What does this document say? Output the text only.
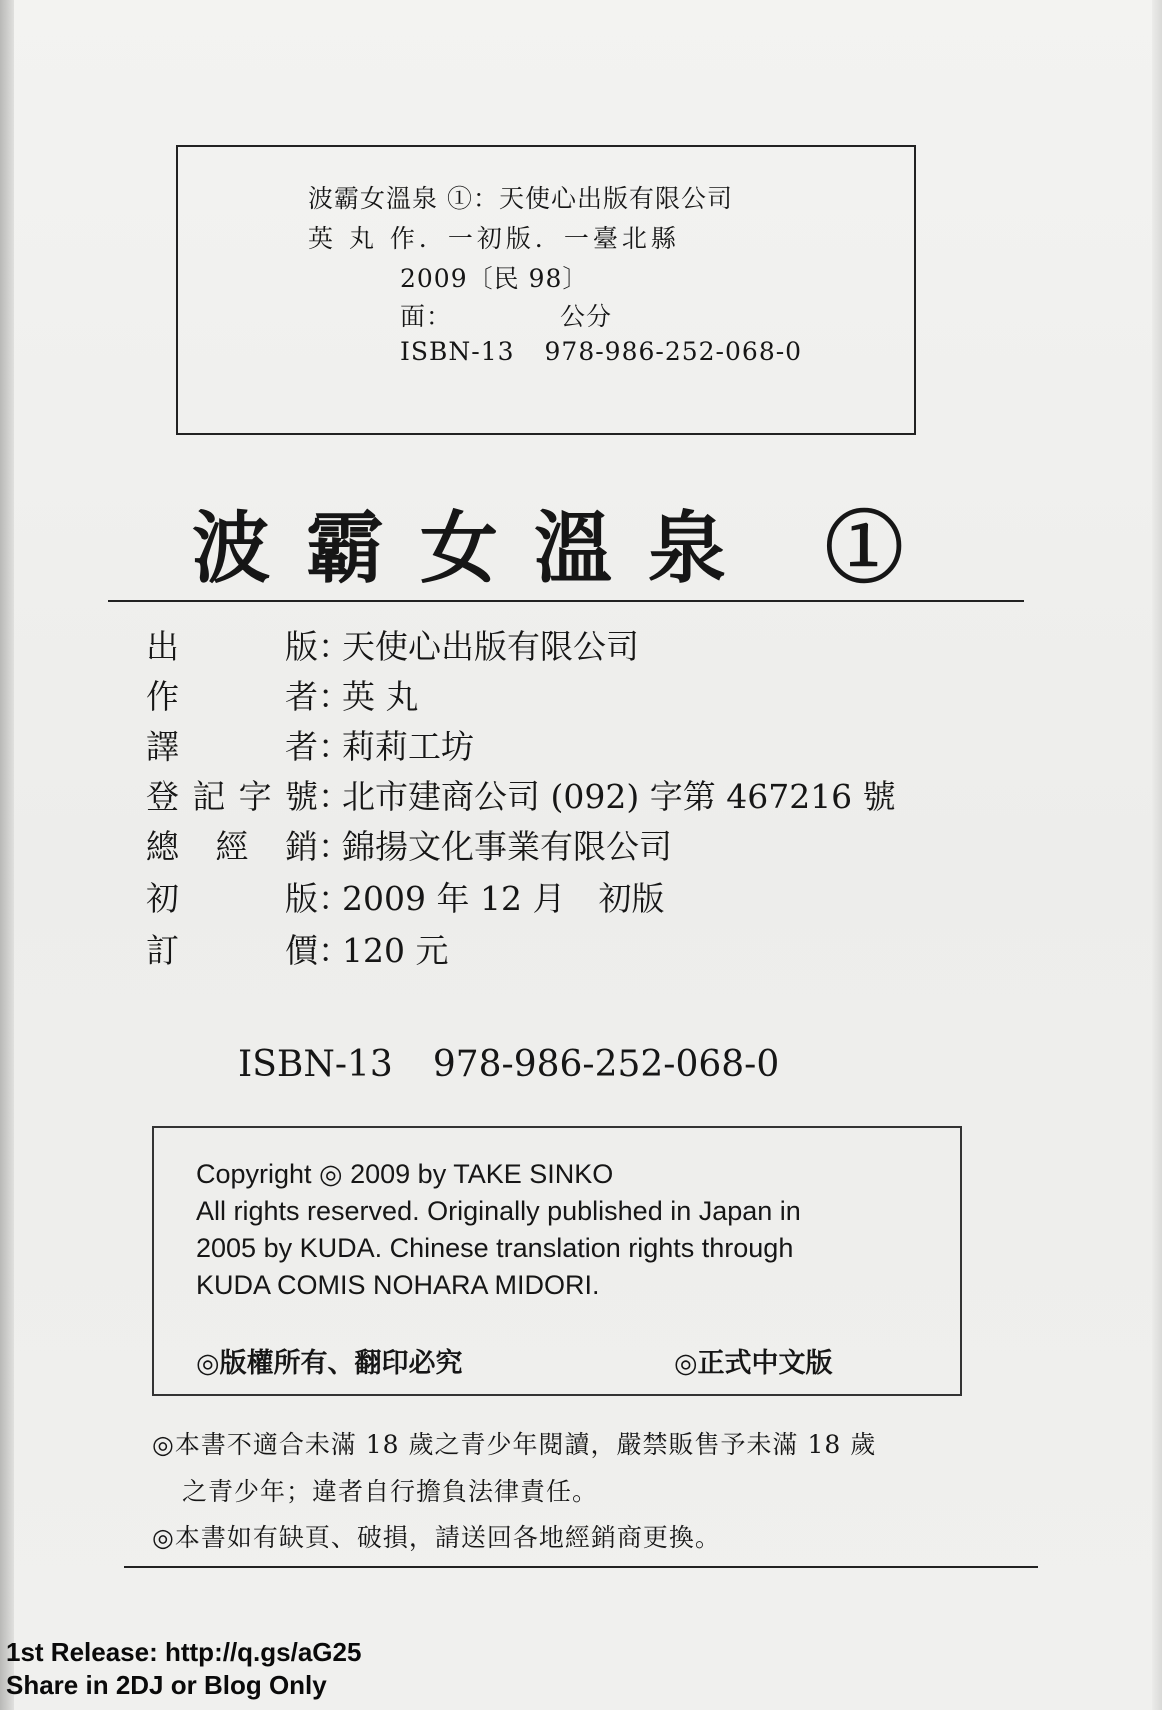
波霸女溫泉 ①：天使心出版有限公司
英 丸 作．一初版．一臺北縣
2009〔民 98〕
面：	公分
ISBN-13 978-986-252-068-0
波霸女溫泉 ①
出版：天使心出版有限公司
作者：英 丸
譯者：莉莉工坊
登記字號：北市建商公司 (092) 字第 467216 號
總經銷：錦揚文化事業有限公司
初版：2009 年 12 月　初版
訂價：120 元
ISBN-13 978-986-252-068-0
Copyright ◎ 2009 by TAKE SINKO
All rights reserved. Originally published in Japan in
2005 by KUDA. Chinese translation rights through
KUDA COMIS NOHARA MIDORI.
◎版權所有、翻印必究	◎正式中文版
◎本書不適合未滿 18 歲之青少年閱讀，嚴禁販售予未滿 18 歲
之青少年；違者自行擔負法律責任。
◎本書如有缺頁、破損，請送回各地經銷商更換。
1st Release: http://q.gs/aG25
Share in 2DJ or Blog Only
